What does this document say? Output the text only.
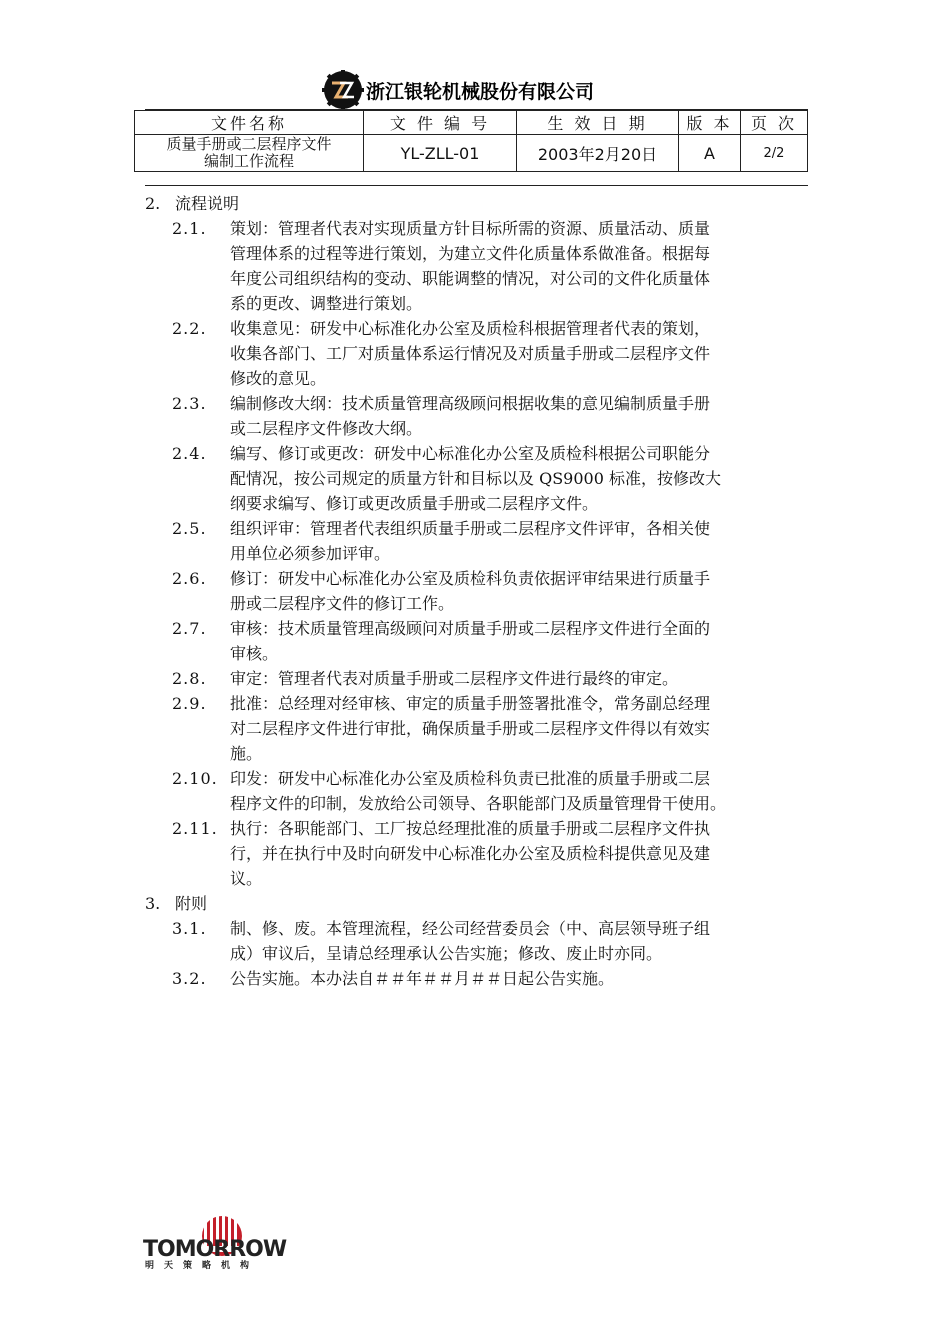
浙江银轮机械股份有限公司
文件名称	文 件 编 号	生 效 日 期	版 本	页 次

质量手册或二层程序文件
编制工作流程	YL-ZLL-01	2003年2月20日	A	2/2
2. 流程说明
2.1.	策划：管理者代表对实现质量方针目标所需的资源、质量活动、质量
管理体系的过程等进行策划，为建立文件化质量体系做准备。根据每
年度公司组织结构的变动、职能调整的情况，对公司的文件化质量体
系的更改、调整进行策划。
2.2.	收集意见：研发中心标准化办公室及质检科根据管理者代表的策划，
收集各部门、工厂对质量体系运行情况及对质量手册或二层程序文件
修改的意见。
2.3.	编制修改大纲：技术质量管理高级顾问根据收集的意见编制质量手册
或二层程序文件修改大纲。
2.4.	编写、修订或更改：研发中心标准化办公室及质检科根据公司职能分
配情况，按公司规定的质量方针和目标以及 QS9000 标准，按修改大
纲要求编写、修订或更改质量手册或二层程序文件。
2.5.	组织评审：管理者代表组织质量手册或二层程序文件评审，各相关使
用单位必须参加评审。
2.6.	修订：研发中心标准化办公室及质检科负责依据评审结果进行质量手
册或二层程序文件的修订工作。
2.7.	审核：技术质量管理高级顾问对质量手册或二层程序文件进行全面的
审核。
2.8.	审定：管理者代表对质量手册或二层程序文件进行最终的审定。
2.9.	批准：总经理对经审核、审定的质量手册签署批准令，常务副总经理
对二层程序文件进行审批，确保质量手册或二层程序文件得以有效实
施。
2.10. 印发：研发中心标准化办公室及质检科负责已批准的质量手册或二层
程序文件的印制，发放给公司领导、各职能部门及质量管理骨干使用。
2.11. 执行：各职能部门、工厂按总经理批准的质量手册或二层程序文件执
行，并在执行中及时向研发中心标准化办公室及质检科提供意见及建
议。
3. 附则
3.1.	制、修、废。本管理流程，经公司经营委员会（中、高层领导班子组
成）审议后，呈请总经理承认公告实施；修改、废止时亦同。
3.2.	公告实施。本办法自＃＃年＃＃月＃＃日起公告实施。
TOMORROW
明天策略机构
